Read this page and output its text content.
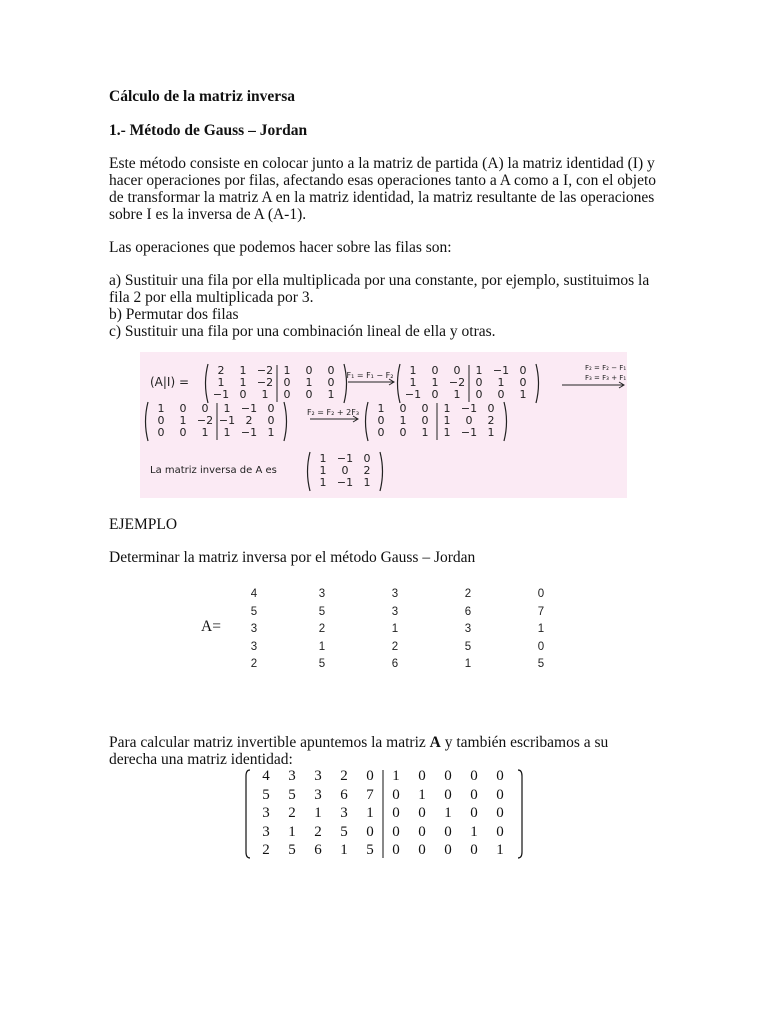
Cálculo de la matriz inversa
1.- Método de Gauss – Jordan

Este método consiste en colocar junto a la matriz de partida (A) la matriz identidad (I) y

hacer operaciones por filas, afectando esas operaciones tanto a A como a I, con el objeto

de transformar la matriz A en la matriz identidad, la matriz resultante de las operaciones

sobre I es la inversa de A (A-1).

Las operaciones que podemos hacer sobre las filas son:

a) Sustituir una fila por ella multiplicada por una constante, por ejemplo, sustituimos la

fila 2 por ella multiplicada por 3.

b) Permutar dos filas

c) Sustituir una fila por una combinación lineal de ella y otras.

(A|I) =
2 1 −2 1 0 0
1 1 −2 0 1 0
−1 0 1 0 0 1
F₁ = F₁ − F₂ 1 0 0 1 −1 0
1 1 −2 0 1 0
−1 0 1 0 0 1
F₂ = F₂ − F₁
F₃ = F₃ + F₁
1 0 0 1 −1 0
0 1 −2 −1 2 0
0 0 1 1 −1 1
F₂ = F₂ + 2F₃ 1 0 0 1 −1 0
0 1 0 1 0 2
0 0 1 1 −1 1
La matriz inversa de A es
1 −1 0
1 0 2
1 −1 1
EJEMPLO
Determinar la matriz inversa por el método Gauss – Jordan
A=
4	3	3	2	0
5	5	3	6	7
3	2	1	3	1
3	1	2	5	0
2	5	6	1	5

Para calcular matriz invertible apuntemos la matriz A y también escribamos a su

derecha una matriz identidad:

4 3 3 2 0 1 0 0 0 0
5 5 3 6 7 0 1 0 0 0
3 2 1 3 1 0 0 1 0 0
3 1 2 5 0 0 0 0 1 0
2 5 6 1 5 0 0 0 0 1
